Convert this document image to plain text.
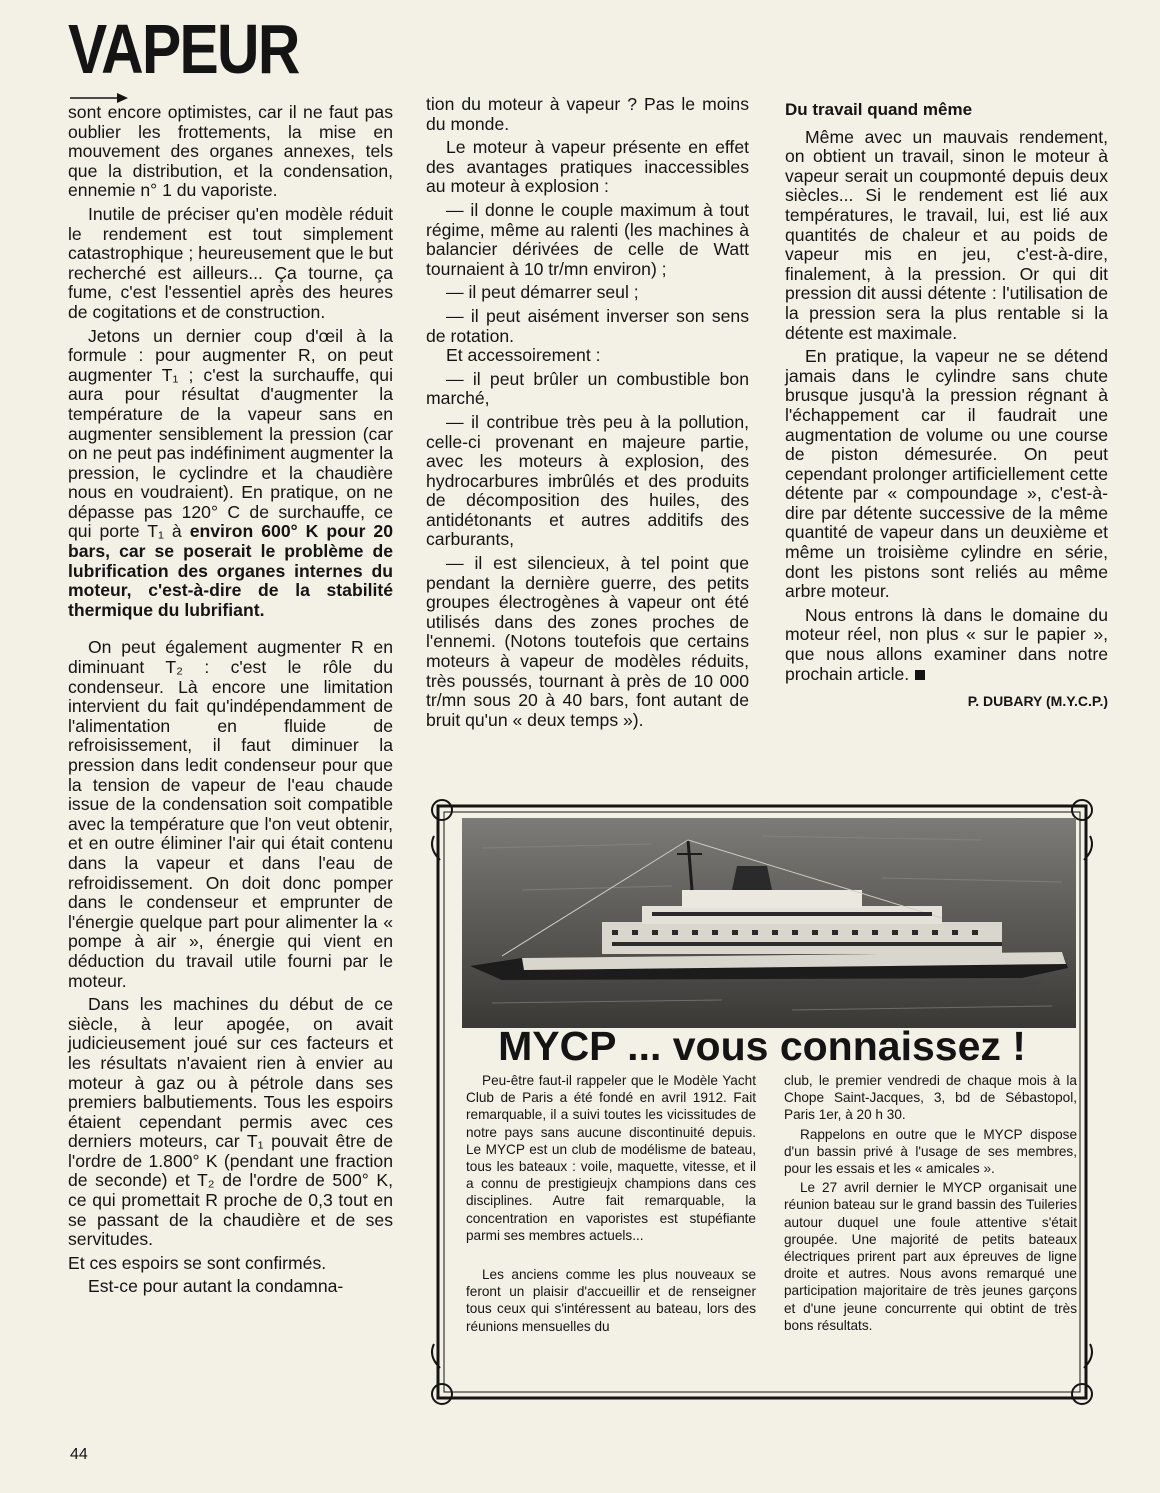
VAPEUR

sont encore optimistes, car il ne faut pas oublier les frottements, la mise en mouvement des organes annexes, tels que la distribution, et la condensation, ennemie n° 1 du vaporiste.

Inutile de préciser qu'en modèle réduit le rendement est tout simplement catastrophique ; heureusement que le but recherché est ailleurs... Ça tourne, ça fume, c'est l'essentiel après des heures de cogitations et de construction.

Jetons un dernier coup d'œil à la formule : pour augmenter R, on peut augmenter T₁ ; c'est la surchauffe, qui aura pour résultat d'augmenter la température de la vapeur sans en augmenter sensiblement la pression (car on ne peut pas indéfiniment augmenter la pression, le cyclindre et la chaudière nous en voudraient). En pratique, on ne dépasse pas 120° C de surchauffe, ce qui porte T₁ à environ 600° K pour 20 bars, car se poserait le problème de lubrification des organes internes du moteur, c'est-à-dire de la stabilité thermique du lubrifiant.

On peut également augmenter R en diminuant T₂ : c'est le rôle du condenseur. Là encore une limitation intervient du fait qu'indépendamment de l'alimentation en fluide de refroisissement, il faut diminuer la pression dans ledit condenseur pour que la tension de vapeur de l'eau chaude issue de la condensation soit compatible avec la température que l'on veut obtenir, et en outre éliminer l'air qui était contenu dans la vapeur et dans l'eau de refroidissement. On doit donc pomper dans le condenseur et emprunter de l'énergie quelque part pour alimenter la « pompe à air », énergie qui vient en déduction du travail utile fourni par le moteur.

Dans les machines du début de ce siècle, à leur apogée, on avait judicieusement joué sur ces facteurs et les résultats n'avaient rien à envier au moteur à gaz ou à pétrole dans ses premiers balbutiements. Tous les espoirs étaient cependant permis avec ces derniers moteurs, car T₁ pouvait être de l'ordre de 1.800° K (pendant une fraction de seconde) et T₂ de l'ordre de 500° K, ce qui promettait R proche de 0,3 tout en se passant de la chaudière et de ses servitudes.

Et ces espoirs se sont confirmés.

Est-ce pour autant la condamna-

tion du moteur à vapeur ? Pas le moins du monde.

Le moteur à vapeur présente en effet des avantages pratiques inaccessibles au moteur à explosion :

— il donne le couple maximum à tout régime, même au ralenti (les machines à balancier dérivées de celle de Watt tournaient à 10 tr/mn environ) ;
— il peut démarrer seul ;
— il peut aisément inverser son sens de rotation.

Et accessoirement :

— il peut brûler un combustible bon marché,
— il contribue très peu à la pollution, celle-ci provenant en majeure partie, avec les moteurs à explosion, des hydrocarbures imbrûlés et des produits de décomposition des huiles, des antidétonants et autres additifs des carburants,
— il est silencieux, à tel point que pendant la dernière guerre, des petits groupes électrogènes à vapeur ont été utilisés dans des zones proches de l'ennemi. (Notons toutefois que certains moteurs à vapeur de modèles réduits, très poussés, tournant à près de 10 000 tr/mn sous 20 à 40 bars, font autant de bruit qu'un « deux temps »).
Du travail quand même

Même avec un mauvais rendement, on obtient un travail, sinon le moteur à vapeur serait un coupmonté depuis deux siècles... Si le rendement est lié aux températures, le travail, lui, est lié aux quantités de chaleur et au poids de vapeur mis en jeu, c'est-à-dire, finalement, à la pression. Or qui dit pression dit aussi détente : l'utilisation de la pression sera la plus rentable si la détente est maximale.

En pratique, la vapeur ne se détend jamais dans le cylindre sans chute brusque jusqu'à la pression régnant à l'échappement car il faudrait une augmentation de volume ou une course de piston démesurée. On peut cependant prolonger artificiellement cette détente par « compoundage », c'est-à-dire par détente successive de la même quantité de vapeur dans un deuxième et même un troisième cylindre en série, dont les pistons sont reliés au même arbre moteur.

Nous entrons là dans le domaine du moteur réel, non plus « sur le papier », que nous allons examiner dans notre prochain article.

P. DUBARY (M.Y.C.P.)
MYCP ... vous connaissez !

Peu-être faut-il rappeler que le Modèle Yacht Club de Paris a été fondé en avril 1912. Fait remarquable, il a suivi toutes les vicissitudes de notre pays sans aucune discontinuité depuis. Le MYCP est un club de modélisme de bateau, tous les bateaux : voile, maquette, vitesse, et il a connu de prestigieujx champions dans ces disciplines. Autre fait remarquable, la concentration en vaporistes est stupéfiante parmi ses membres actuels...

Les anciens comme les plus nouveaux se feront un plaisir d'accueillir et de renseigner tous ceux qui s'intéressent au bateau, lors des réunions mensuelles du

club, le premier vendredi de chaque mois à la Chope Saint-Jacques, 3, bd de Sébastopol, Paris 1er, à 20 h 30.

Rappelons en outre que le MYCP dispose d'un bassin privé à l'usage de ses membres, pour les essais et les « amicales ».

Le 27 avril dernier le MYCP organisait une réunion bateau sur le grand bassin des Tuileries autour duquel une foule attentive s'était groupée. Une majorité de petits bateaux électriques prirent part aux épreuves de ligne droite et autres. Nous avons remarqué une participation majoritaire de très jeunes garçons et d'une jeune concurrente qui obtint de très bons résultats.

44
